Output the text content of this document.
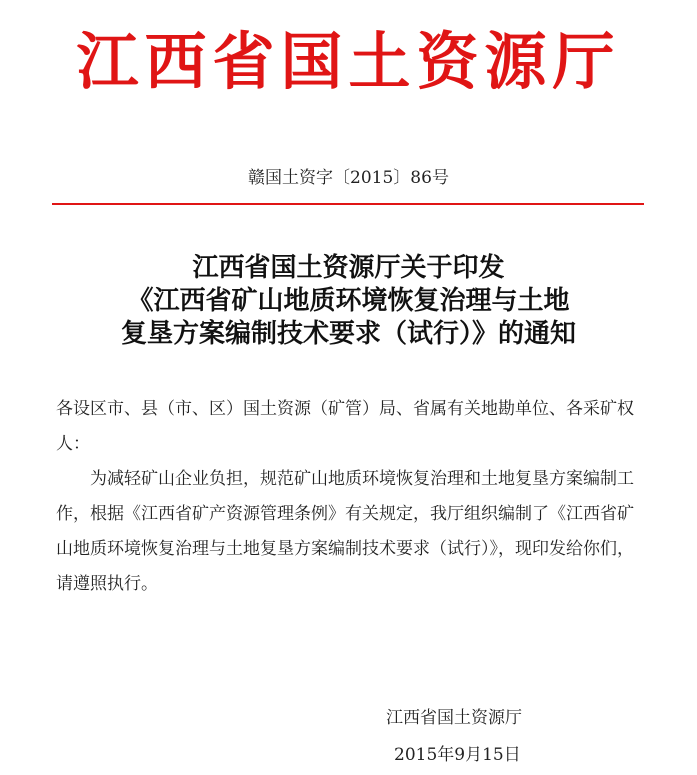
江西省国土资源厅
赣国土资字〔2015〕86号
江西省国土资源厅关于印发
《江西省矿山地质环境恢复治理与土地
复垦方案编制技术要求（试行）》的通知

各设区市、县（市、区）国土资源（矿管）局、省属有关地勘单位、各采矿权人：

为减轻矿山企业负担，规范矿山地质环境恢复治理和土地复垦方案编制工作，根据《江西省矿产资源管理条例》有关规定，我厅组织编制了《江西省矿山地质环境恢复治理与土地复垦方案编制技术要求（试行）》，现印发给你们，请遵照执行。

江西省国土资源厅
2015年9月15日
